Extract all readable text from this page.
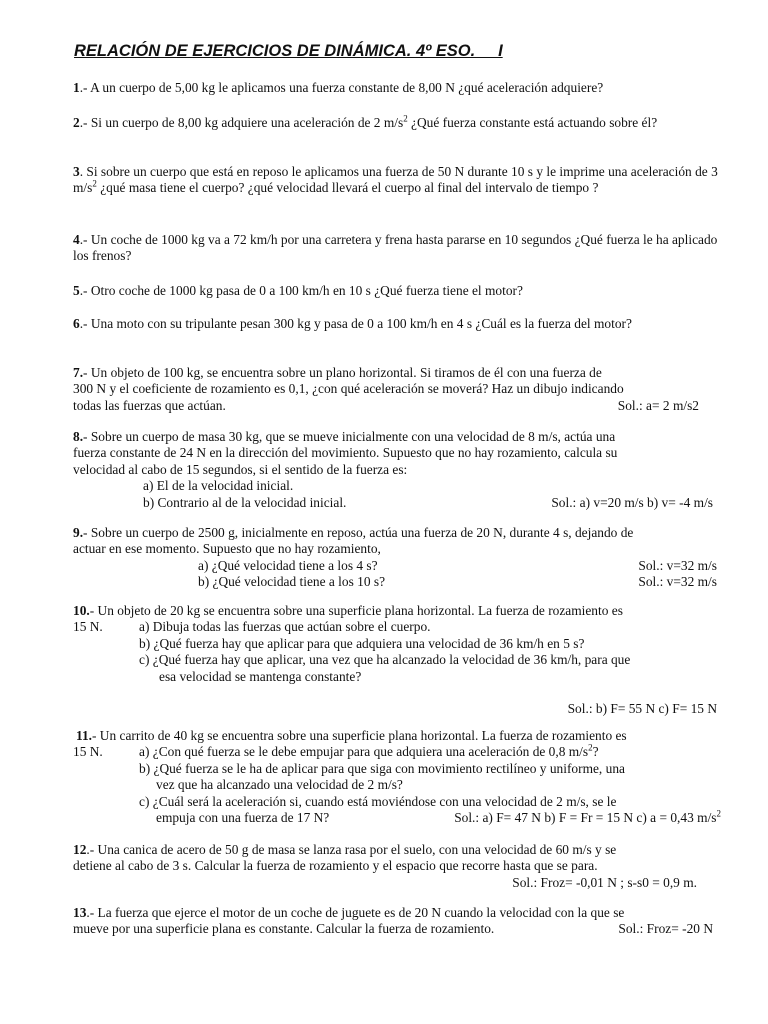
RELACIÓN DE EJERCICIOS DE DINÁMICA. 4º ESO.     I

1.- A un cuerpo de 5,00 kg le aplicamos una fuerza constante de 8,00 N ¿qué aceleración adquiere?

2.- Si un cuerpo de 8,00 kg adquiere una aceleración de 2 $m/s^2$ ¿Qué fuerza constante está actuando sobre él?

3. Si sobre un cuerpo que está en reposo le aplicamos una fuerza de 50 N durante 10 s y le imprime una aceleración de 3 $m/s^2$ ¿qué masa tiene el cuerpo? ¿qué velocidad llevará el cuerpo al final del intervalo de tiempo ?

4.- Un coche de 1000 kg va a 72 km/h por una carretera y frena hasta pararse en 10 segundos ¿Qué fuerza le ha aplicado los frenos?

5.- Otro coche de 1000 kg pasa de 0 a 100 km/h en 10 s ¿Qué fuerza tiene el motor?

6.- Una moto con su tripulante pesan 300 kg y pasa de 0 a 100 km/h en 4 s ¿Cuál es la fuerza del motor?

7.- Un objeto de 100 kg, se encuentra sobre un plano horizontal. Si tiramos de él con una fuerza de

300 N y el coeficiente de rozamiento es 0,1, ¿con qué aceleración se moverá? Haz un dibujo indicando

todas las fuerzas que actúan.	Sol.: a= 2 m/s2

8.- Sobre un cuerpo de masa 30 kg, que se mueve inicialmente con una velocidad de 8 m/s, actúa una

fuerza constante de 24 N en la dirección del movimiento. Supuesto que no hay rozamiento, calcula su

velocidad al cabo de 15 segundos, si el sentido de la fuerza es:

a) El de la velocidad inicial.

b) Contrario al de la velocidad inicial.	Sol.: a) v=20 m/s b) v= -4 m/s

9.- Sobre un cuerpo de 2500 g, inicialmente en reposo, actúa una fuerza de 20 N, durante 4 s, dejando de

actuar en ese momento. Supuesto que no hay rozamiento,

a) ¿Qué velocidad tiene a los 4 s?	Sol.: v=32 m/s
b) ¿Qué velocidad tiene a los 10 s?	Sol.: v=32 m/s

10.- Un objeto de 20 kg se encuentra sobre una superficie plana horizontal. La fuerza de rozamiento es

15 N.	a) Dibuja todas las fuerzas que actúan sobre el cuerpo.

b) ¿Qué fuerza hay que aplicar para que adquiera una velocidad de 36 km/h en 5 s?

c) ¿Qué fuerza hay que aplicar, una vez que ha alcanzado la velocidad de 36 km/h, para que

esa velocidad se mantenga constante?

Sol.: b) F= 55 N c) F= 15 N

11.- Un carrito de 40 kg se encuentra sobre una superficie plana horizontal. La fuerza de rozamiento es

15 N.	a) ¿Con qué fuerza se le debe empujar para que adquiera una aceleración de 0,8 $m/s^2$?

b) ¿Qué fuerza se le ha de aplicar para que siga con movimiento rectilíneo y uniforme, una

vez que ha alcanzado una velocidad de 2 m/s?

c) ¿Cuál será la aceleración si, cuando está moviéndose con una velocidad de 2 m/s, se le

empuja con una fuerza de 17 N?	Sol.: a) F= 47 N b) F = Fr = 15 N c) a = 0,43 $m/s^2$

12.- Una canica de acero de 50 g de masa se lanza rasa por el suelo, con una velocidad de 60 m/s y se

detiene al cabo de 3 s. Calcular la fuerza de rozamiento y el espacio que recorre hasta que se para.

Sol.: Froz= -0,01 N ; s-s0 = 0,9 m.

13.- La fuerza que ejerce el motor de un coche de juguete es de 20 N cuando la velocidad con la que se

mueve por una superficie plana es constante. Calcular la fuerza de rozamiento.	Sol.: Froz= -20 N
